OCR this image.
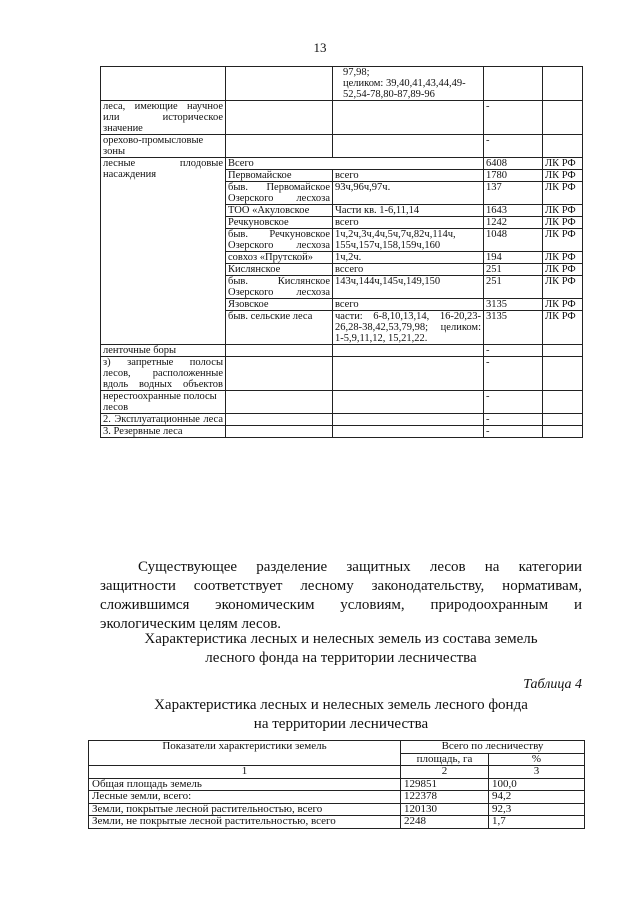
13

		97,98;
целиком: 39,40,41,43,44,49-52,54-78,80-87,89-96		

леса, имеющие научное или историческое значение			-	
орехово-промысловые зоны			-	
лесные плодовые насаждения	Всего		6408	ЛК РФ
	Первомайское	всего	1780	ЛК РФ
	быв. Первомайское Озерского лесхоза	93ч,96ч,97ч.	137	ЛК РФ
	ТОО «Акуловское	Части кв. 1-6,11,14	1643	ЛК РФ
	Речкуновское	всего	1242	ЛК РФ
	быв. Речкуновское Озерского лесхоза	1ч,2ч,3ч,4ч,5ч,7ч,82ч,114ч, 155ч,157ч,158,159ч,160	1048	ЛК РФ
	совхоз «Прутской»	1ч,2ч.	194	ЛК РФ
	Кислянское	вссего	251	ЛК РФ
	быв. Кислянское Озерского лесхоза	143ч,144ч,145ч,149,150	251	ЛК РФ
	Язовское	всего	3135	ЛК РФ
	быв. сельские леса	части: 6-8,10,13,14, 16-20,23-26,28-38,42,53,79,98; целиком: 1-5,9,11,12, 15,21,22.	3135	ЛК РФ
ленточные боры			-	
з) запретные полосы лесов, расположенные вдоль водных объектов			-	
нерестоохранные полосы лесов			-	
2. Эксплуатационные леса			-	
3. Резервные леса			-	
Существующее разделение защитных лесов на категории защитности соответствует лесному законодательству, нормативам, сложившимся экономическим условиям, природоохранным и экологическим целям лесов.
Характеристика лесных и нелесных земель из состава земель
лесного фонда на территории лесничества
Таблица 4
Характеристика лесных и нелесных земель лесного фонда
на территории лесничества
Показатели характеристики земель	Всего по лесничеству	
	площадь, га	%
1	2	3
Общая площадь земель	129851	100,0
Лесные земли, всего:	122378	94,2
Земли, покрытые лесной растительностью, всего	120130	92,3
Земли, не покрытые лесной растительностью, всего	2248	1,7
